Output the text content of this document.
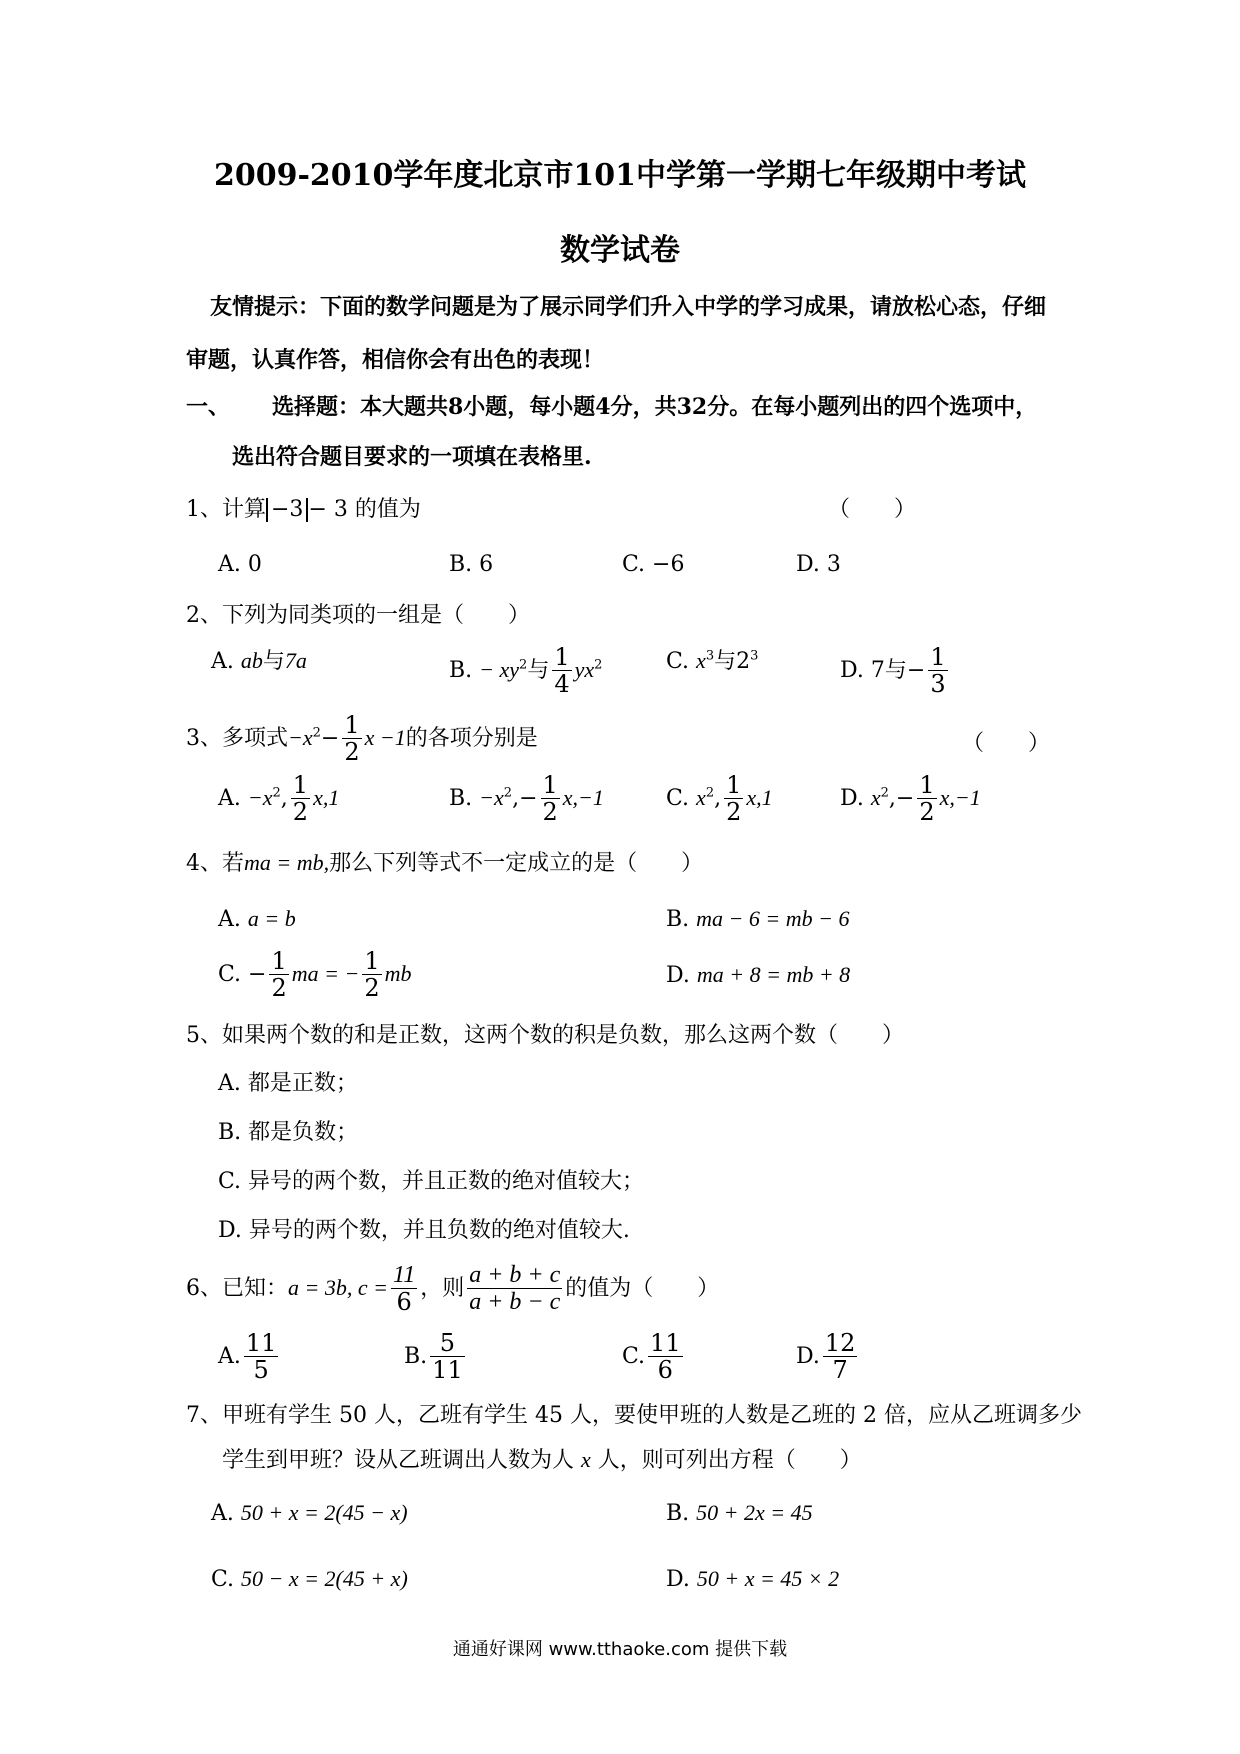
2009-2010学年度北京市101中学第一学期七年级期中考试
数学试卷
友情提示：下面的数学问题是为了展示同学们升入中学的学习成果，请放松心态，仔细
审题，认真作答，相信你会有出色的表现！
一、 选择题：本大题共8小题，每小题4分，共32分。在每小题列出的四个选项中，
选出符合题目要求的一项填在表格里.
1、计算 −3 − 3 的值为	（　　）
A. 0	B. 6	C. −6	D. 3
2、下列为同类项的一组是（　　）
A. ab与7a	B. − $xy^2$与 $\frac{1}{4} yx^2$	C. $x^3$与$2^3$
D. 7与− $\frac{1}{3}$
3、多项式$-x^2- \frac{1}{2}$ x −1的各项分别是	（　　）
A. $-x^2$, $\frac{1}{2} x,1$	B. $-x^2,- \frac{1}{2} x,-1$	C. $x^2$, $\frac{1}{2} x,1$	D. $x^2,- \frac{1}{2} x,-1$
4、若ma = mb,那么下列等式不一定成立的是（　　）
A. a = b	B. ma − 6 = mb − 6
C. − $\frac{1}{2}$ ma = − $\frac{1}{2}$ mb	D. ma + 8 = mb + 8
5、如果两个数的和是正数，这两个数的积是负数，那么这两个数（　　）
A. 都是正数；
B. 都是负数；
C. 异号的两个数，并且正数的绝对值较大；
D. 异号的两个数，并且负数的绝对值较大.
6、已知：a = 3b, $c = \frac{11}{6}$ ，则 $\frac{a + b + c}{a + b - c}$ 的值为（　　）
A. $\frac{11}{5}$	B. $\frac{5}{11}$	C. $\frac{11}{6}$	D. $\frac{12}{7}$
7、甲班有学生 50 人，乙班有学生 45 人，要使甲班的人数是乙班的 2 倍，应从乙班调多少
学生到甲班？设从乙班调出人数为人 x 人，则可列出方程（　　）
A. 50 + x = 2(45 − x)	B. 50 + 2x = 45
C. 50 − x = 2(45 + x)	D. 50 + x = 45 × 2
通通好课网 www.tthaoke.com 提供下载
